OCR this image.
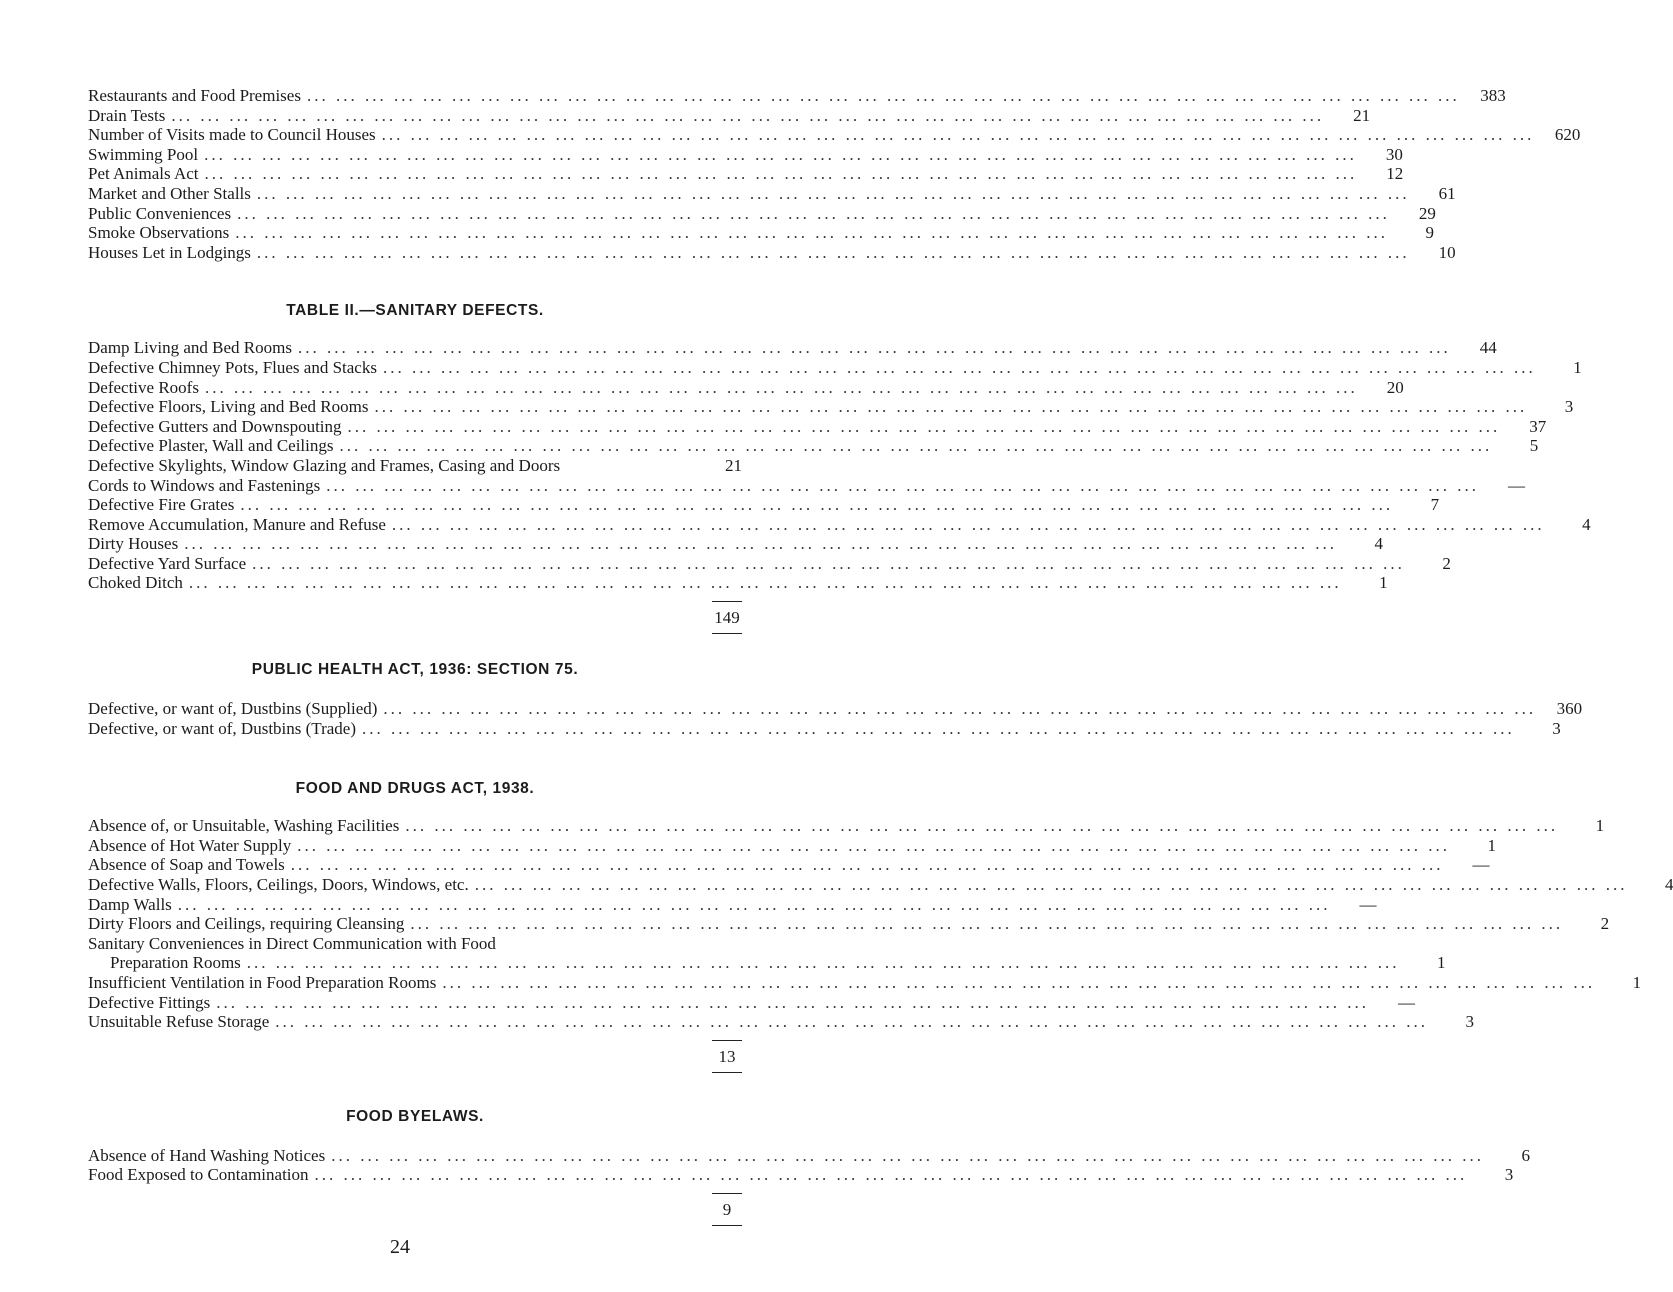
Restaurants and Food Premises ... ... ... ... ... ... ... ... ... ... ... ... ... ... ... ... ... ... ... ... ... ... ... ... ... ... ... ... ... ... ... ... ... ... ... ... ... ... ... ...	383
Drain Tests ... ... ... ... ... ... ... ... ... ... ... ... ... ... ... ... ... ... ... ... ... ... ... ... ... ... ... ... ... ... ... ... ... ... ... ... ... ... ... ...	21
Number of Visits made to Council Houses ... ... ... ... ... ... ... ... ... ... ... ... ... ... ... ... ... ... ... ... ... ... ... ... ... ... ... ... ... ... ... ... ... ... ... ... ... ... ... ...	620
Swimming Pool ... ... ... ... ... ... ... ... ... ... ... ... ... ... ... ... ... ... ... ... ... ... ... ... ... ... ... ... ... ... ... ... ... ... ... ... ... ... ... ...	30
Pet Animals Act ... ... ... ... ... ... ... ... ... ... ... ... ... ... ... ... ... ... ... ... ... ... ... ... ... ... ... ... ... ... ... ... ... ... ... ... ... ... ... ...	12
Market and Other Stalls ... ... ... ... ... ... ... ... ... ... ... ... ... ... ... ... ... ... ... ... ... ... ... ... ... ... ... ... ... ... ... ... ... ... ... ... ... ... ... ...	61
Public Conveniences ... ... ... ... ... ... ... ... ... ... ... ... ... ... ... ... ... ... ... ... ... ... ... ... ... ... ... ... ... ... ... ... ... ... ... ... ... ... ... ...	29
Smoke Observations ... ... ... ... ... ... ... ... ... ... ... ... ... ... ... ... ... ... ... ... ... ... ... ... ... ... ... ... ... ... ... ... ... ... ... ... ... ... ... ...	9
Houses Let in Lodgings ... ... ... ... ... ... ... ... ... ... ... ... ... ... ... ... ... ... ... ... ... ... ... ... ... ... ... ... ... ... ... ... ... ... ... ... ... ... ... ...	10
TABLE II.—SANITARY DEFECTS.
Damp Living and Bed Rooms ... ... ... ... ... ... ... ... ... ... ... ... ... ... ... ... ... ... ... ... ... ... ... ... ... ... ... ... ... ... ... ... ... ... ... ... ... ... ... ...	44
Defective Chimney Pots, Flues and Stacks ... ... ... ... ... ... ... ... ... ... ... ... ... ... ... ... ... ... ... ... ... ... ... ... ... ... ... ... ... ... ... ... ... ... ... ... ... ... ... ...	1
Defective Roofs ... ... ... ... ... ... ... ... ... ... ... ... ... ... ... ... ... ... ... ... ... ... ... ... ... ... ... ... ... ... ... ... ... ... ... ... ... ... ... ...	20
Defective Floors, Living and Bed Rooms ... ... ... ... ... ... ... ... ... ... ... ... ... ... ... ... ... ... ... ... ... ... ... ... ... ... ... ... ... ... ... ... ... ... ... ... ... ... ... ...	3
Defective Gutters and Downspouting ... ... ... ... ... ... ... ... ... ... ... ... ... ... ... ... ... ... ... ... ... ... ... ... ... ... ... ... ... ... ... ... ... ... ... ... ... ... ... ...	37
Defective Plaster, Wall and Ceilings ... ... ... ... ... ... ... ... ... ... ... ... ... ... ... ... ... ... ... ... ... ... ... ... ... ... ... ... ... ... ... ... ... ... ... ... ... ... ... ...	5
Defective Skylights, Window Glazing and Frames, Casing and Doors	21
Cords to Windows and Fastenings ... ... ... ... ... ... ... ... ... ... ... ... ... ... ... ... ... ... ... ... ... ... ... ... ... ... ... ... ... ... ... ... ... ... ... ... ... ... ... ...	—
Defective Fire Grates ... ... ... ... ... ... ... ... ... ... ... ... ... ... ... ... ... ... ... ... ... ... ... ... ... ... ... ... ... ... ... ... ... ... ... ... ... ... ... ...	7
Remove Accumulation, Manure and Refuse ... ... ... ... ... ... ... ... ... ... ... ... ... ... ... ... ... ... ... ... ... ... ... ... ... ... ... ... ... ... ... ... ... ... ... ... ... ... ... ...	4
Dirty Houses ... ... ... ... ... ... ... ... ... ... ... ... ... ... ... ... ... ... ... ... ... ... ... ... ... ... ... ... ... ... ... ... ... ... ... ... ... ... ... ...	4
Defective Yard Surface ... ... ... ... ... ... ... ... ... ... ... ... ... ... ... ... ... ... ... ... ... ... ... ... ... ... ... ... ... ... ... ... ... ... ... ... ... ... ... ...	2
Choked Ditch ... ... ... ... ... ... ... ... ... ... ... ... ... ... ... ... ... ... ... ... ... ... ... ... ... ... ... ... ... ... ... ... ... ... ... ... ... ... ... ...	1
149
PUBLIC HEALTH ACT, 1936: SECTION 75.
Defective, or want of, Dustbins (Supplied) ... ... ... ... ... ... ... ... ... ... ... ... ... ... ... ... ... ... ... ... ... ... ... ... ... ... ... ... ... ... ... ... ... ... ... ... ... ... ... ...	360
Defective, or want of, Dustbins (Trade) ... ... ... ... ... ... ... ... ... ... ... ... ... ... ... ... ... ... ... ... ... ... ... ... ... ... ... ... ... ... ... ... ... ... ... ... ... ... ... ...	3
FOOD AND DRUGS ACT, 1938.
Absence of, or Unsuitable, Washing Facilities ... ... ... ... ... ... ... ... ... ... ... ... ... ... ... ... ... ... ... ... ... ... ... ... ... ... ... ... ... ... ... ... ... ... ... ... ... ... ... ...	1
Absence of Hot Water Supply ... ... ... ... ... ... ... ... ... ... ... ... ... ... ... ... ... ... ... ... ... ... ... ... ... ... ... ... ... ... ... ... ... ... ... ... ... ... ... ...	1
Absence of Soap and Towels ... ... ... ... ... ... ... ... ... ... ... ... ... ... ... ... ... ... ... ... ... ... ... ... ... ... ... ... ... ... ... ... ... ... ... ... ... ... ... ...	—
Defective Walls, Floors, Ceilings, Doors, Windows, etc. ... ... ... ... ... ... ... ... ... ... ... ... ... ... ... ... ... ... ... ... ... ... ... ... ... ... ... ... ... ... ... ... ... ... ... ... ... ... ... ...	4
Damp Walls ... ... ... ... ... ... ... ... ... ... ... ... ... ... ... ... ... ... ... ... ... ... ... ... ... ... ... ... ... ... ... ... ... ... ... ... ... ... ... ...	—
Dirty Floors and Ceilings, requiring Cleansing ... ... ... ... ... ... ... ... ... ... ... ... ... ... ... ... ... ... ... ... ... ... ... ... ... ... ... ... ... ... ... ... ... ... ... ... ... ... ... ...	2
Sanitary Conveniences in Direct Communication with Food
Preparation Rooms ... ... ... ... ... ... ... ... ... ... ... ... ... ... ... ... ... ... ... ... ... ... ... ... ... ... ... ... ... ... ... ... ... ... ... ... ... ... ... ...	1
Insufficient Ventilation in Food Preparation Rooms ... ... ... ... ... ... ... ... ... ... ... ... ... ... ... ... ... ... ... ... ... ... ... ... ... ... ... ... ... ... ... ... ... ... ... ... ... ... ... ...	1
Defective Fittings ... ... ... ... ... ... ... ... ... ... ... ... ... ... ... ... ... ... ... ... ... ... ... ... ... ... ... ... ... ... ... ... ... ... ... ... ... ... ... ...	—
Unsuitable Refuse Storage ... ... ... ... ... ... ... ... ... ... ... ... ... ... ... ... ... ... ... ... ... ... ... ... ... ... ... ... ... ... ... ... ... ... ... ... ... ... ... ...	3
13
FOOD BYELAWS.
Absence of Hand Washing Notices ... ... ... ... ... ... ... ... ... ... ... ... ... ... ... ... ... ... ... ... ... ... ... ... ... ... ... ... ... ... ... ... ... ... ... ... ... ... ... ...	6
Food Exposed to Contamination ... ... ... ... ... ... ... ... ... ... ... ... ... ... ... ... ... ... ... ... ... ... ... ... ... ... ... ... ... ... ... ... ... ... ... ... ... ... ... ...	3
9
24
